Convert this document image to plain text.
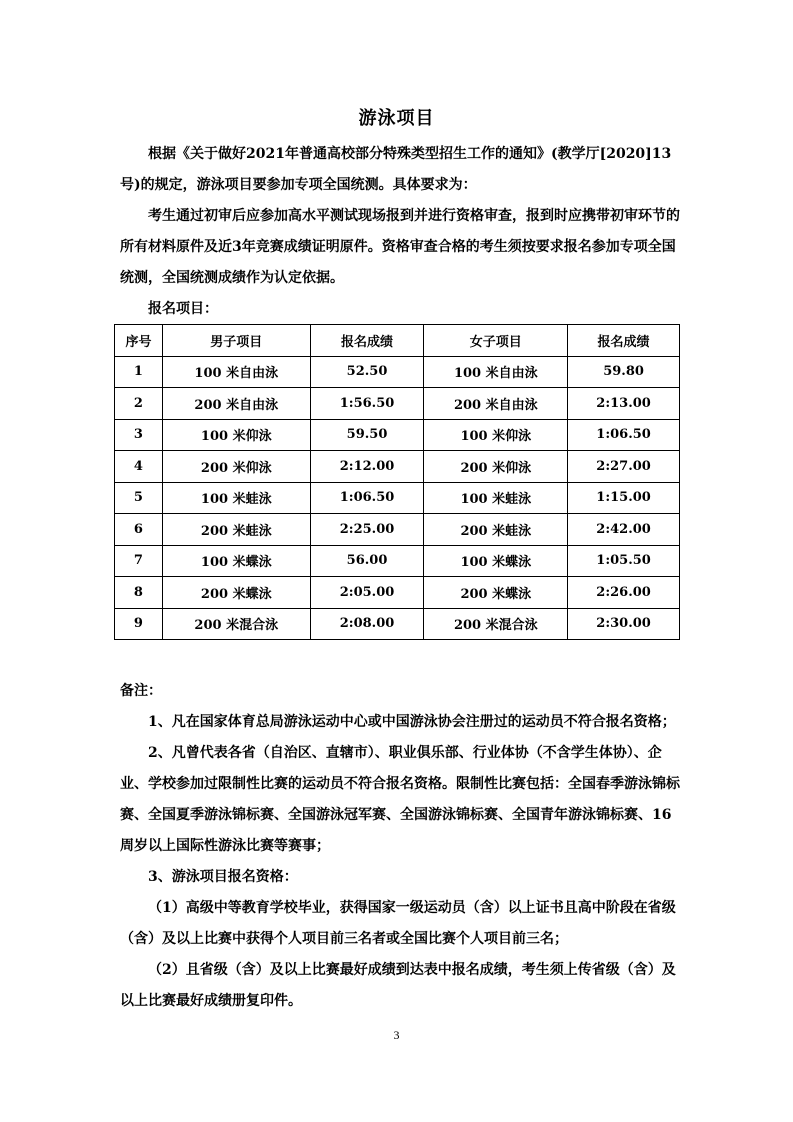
游泳项目

根据《关于做好2021年普通高校部分特殊类型招生工作的通知》(教学厅[2020]13号)的规定，游泳项目要参加专项全国统测。具体要求为：

考生通过初审后应参加高水平测试现场报到并进行资格审查，报到时应携带初审环节的所有材料原件及近3年竞赛成绩证明原件。资格审查合格的考生须按要求报名参加专项全国统测，全国统测成绩作为认定依据。

报名项目：

序号	男子项目	报名成绩	女子项目	报名成绩
1	100 米自由泳	52.50	100 米自由泳	59.80
2	200 米自由泳	1:56.50	200 米自由泳	2:13.00
3	100 米仰泳	59.50	100 米仰泳	1:06.50
4	200 米仰泳	2:12.00	200 米仰泳	2:27.00
5	100 米蛙泳	1:06.50	100 米蛙泳	1:15.00
6	200 米蛙泳	2:25.00	200 米蛙泳	2:42.00
7	100 米蝶泳	56.00	100 米蝶泳	1:05.50
8	200 米蝶泳	2:05.00	200 米蝶泳	2:26.00
9	200 米混合泳	2:08.00	200 米混合泳	2:30.00

备注：

1、凡在国家体育总局游泳运动中心或中国游泳协会注册过的运动员不符合报名资格；

2、凡曾代表各省（自治区、直辖市）、职业俱乐部、行业体协（不含学生体协）、企业、学校参加过限制性比赛的运动员不符合报名资格。限制性比赛包括：全国春季游泳锦标赛、全国夏季游泳锦标赛、全国游泳冠军赛、全国游泳锦标赛、全国青年游泳锦标赛、16 周岁以上国际性游泳比赛等赛事；

3、游泳项目报名资格：

（1）高级中等教育学校毕业，获得国家一级运动员（含）以上证书且高中阶段在省级（含）及以上比赛中获得个人项目前三名者或全国比赛个人项目前三名；

（2）且省级（含）及以上比赛最好成绩到达表中报名成绩，考生须上传省级（含）及以上比赛最好成绩册复印件。

3
